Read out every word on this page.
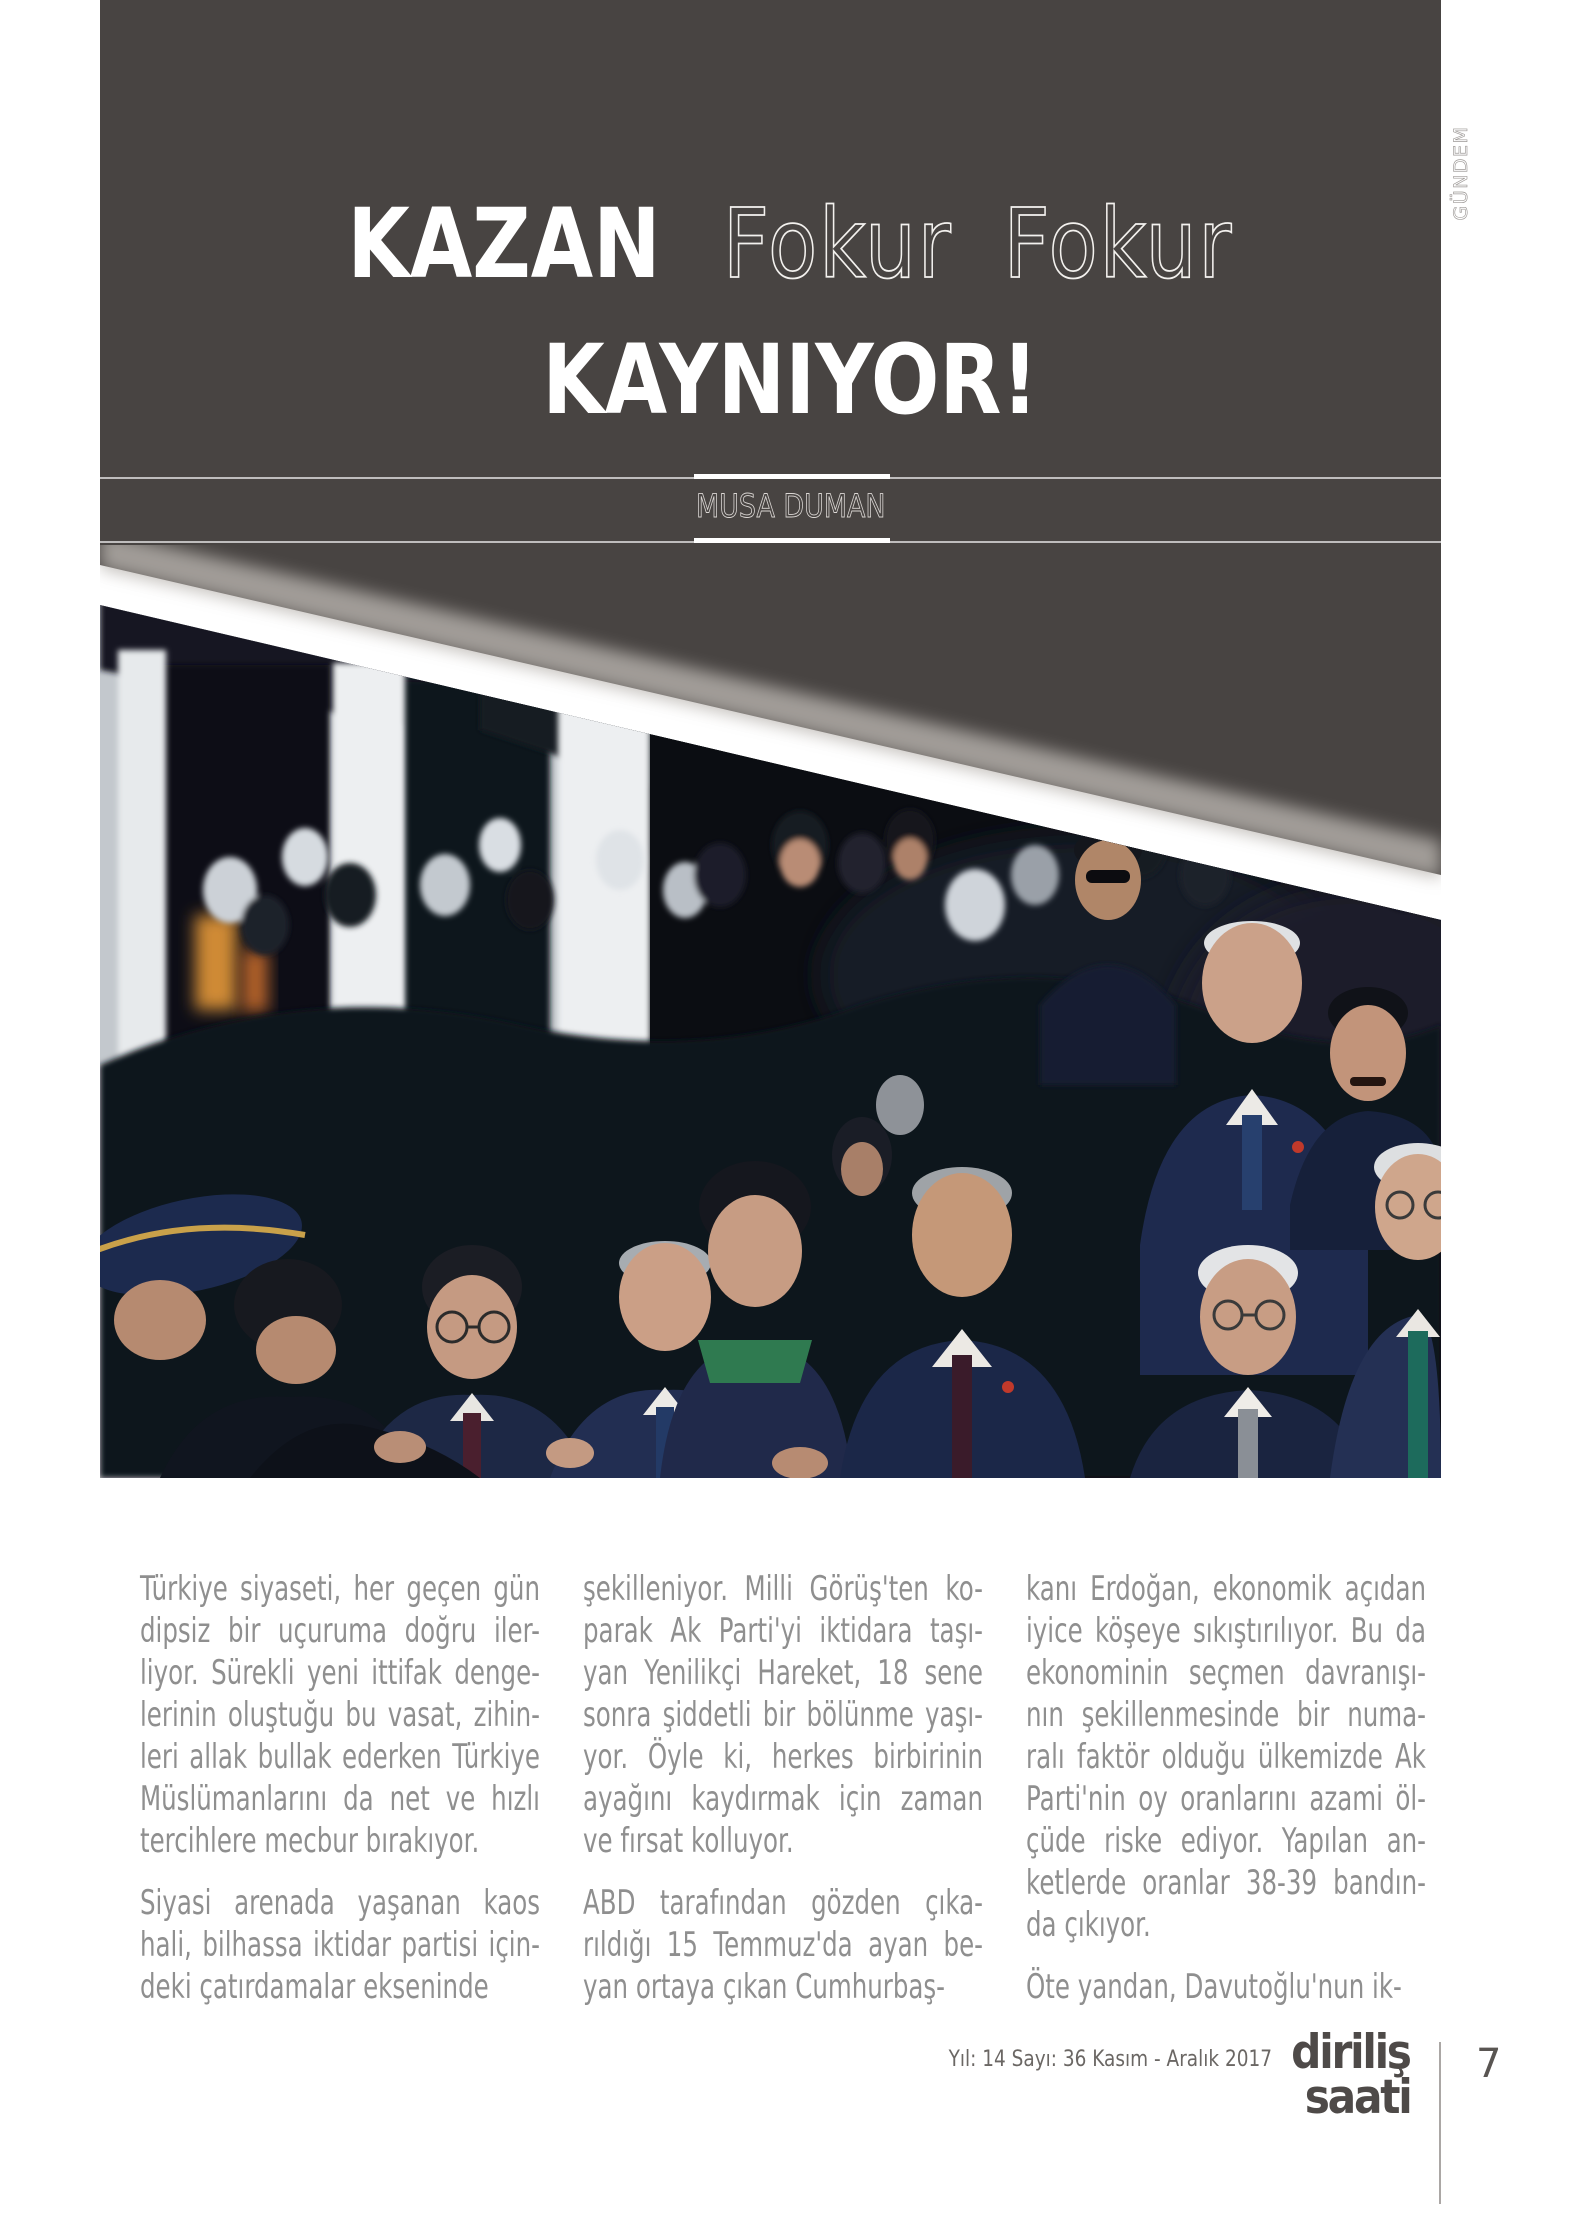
KAZAN Fokur Fokur
KAYNIYOR!
MUSA DUMAN
GÜNDEM
Türkiye siyaseti, her geçen gün
dipsiz bir uçuruma doğru iler-
liyor. Sürekli yeni ittifak denge-
lerinin oluştuğu bu vasat, zihin-
leri allak bullak ederken Türkiye
Müslümanlarını da net ve hızlı
tercihlere mecbur bırakıyor.
Siyasi arenada yaşanan kaos
hali, bilhassa iktidar partisi için-
deki çatırdamalar ekseninde
şekilleniyor. Milli Görüş'ten ko-
parak Ak Parti'yi iktidara taşı-
yan Yenilikçi Hareket, 18 sene
sonra şiddetli bir bölünme yaşı-
yor. Öyle ki, herkes birbirinin
ayağını kaydırmak için zaman
ve fırsat kolluyor.
ABD tarafından gözden çıka-
rıldığı 15 Temmuz'da ayan be-
yan ortaya çıkan Cumhurbaş-
kanı Erdoğan, ekonomik açıdan
iyice köşeye sıkıştırılıyor. Bu da
ekonominin seçmen davranışı-
nın şekillenmesinde bir numa-
ralı faktör olduğu ülkemizde Ak
Parti'nin oy oranlarını azami öl-
çüde riske ediyor. Yapılan an-
ketlerde oranlar 38-39 bandın-
da çıkıyor.
Öte yandan, Davutoğlu'nun ik-
Yıl: 14 Sayı: 36 Kasım - Aralık 2017 diriliş
saati
7
